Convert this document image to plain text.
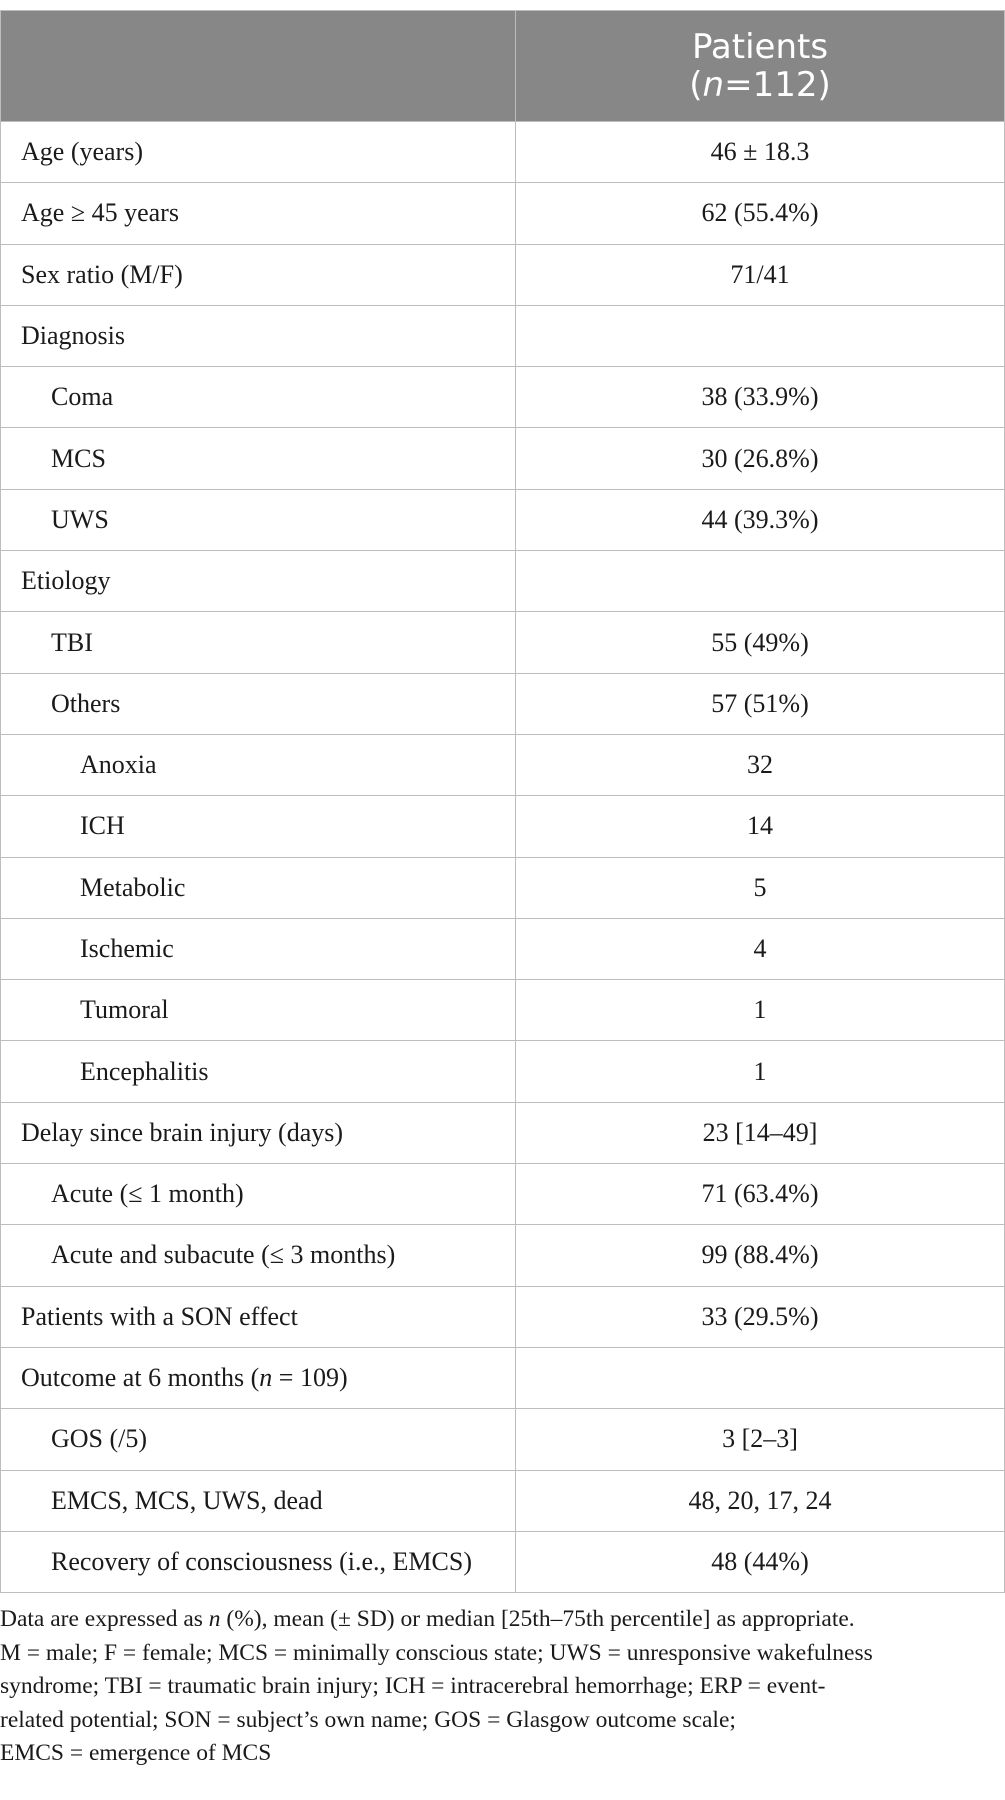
	Patients
(n=112)

Age (years)	46 ± 18.3
Age ≥ 45 years	62 (55.4%)
Sex ratio (M/F)	71/41
Diagnosis	
Coma	38 (33.9%)
MCS	30 (26.8%)
UWS	44 (39.3%)
Etiology	
TBI	55 (49%)
Others	57 (51%)
Anoxia	32
ICH	14
Metabolic	5
Ischemic	4
Tumoral	1
Encephalitis	1
Delay since brain injury (days)	23 [14–49]
Acute (≤ 1 month)	71 (63.4%)
Acute and subacute (≤ 3 months)	99 (88.4%)
Patients with a SON effect	33 (29.5%)
Outcome at 6 months (n = 109)	
GOS (/5)	3 [2–3]
EMCS, MCS, UWS, dead	48, 20, 17, 24
Recovery of consciousness (i.e., EMCS)	48 (44%)

Data are expressed as n (%), mean (± SD) or median [25th–75th percentile] as appropriate.

M = male; F = female; MCS = minimally conscious state; UWS = unresponsive wakefulness

syndrome; TBI = traumatic brain injury; ICH = intracerebral hemorrhage; ERP = event-

related potential; SON = subject’s own name; GOS = Glasgow outcome scale;

EMCS = emergence of MCS
